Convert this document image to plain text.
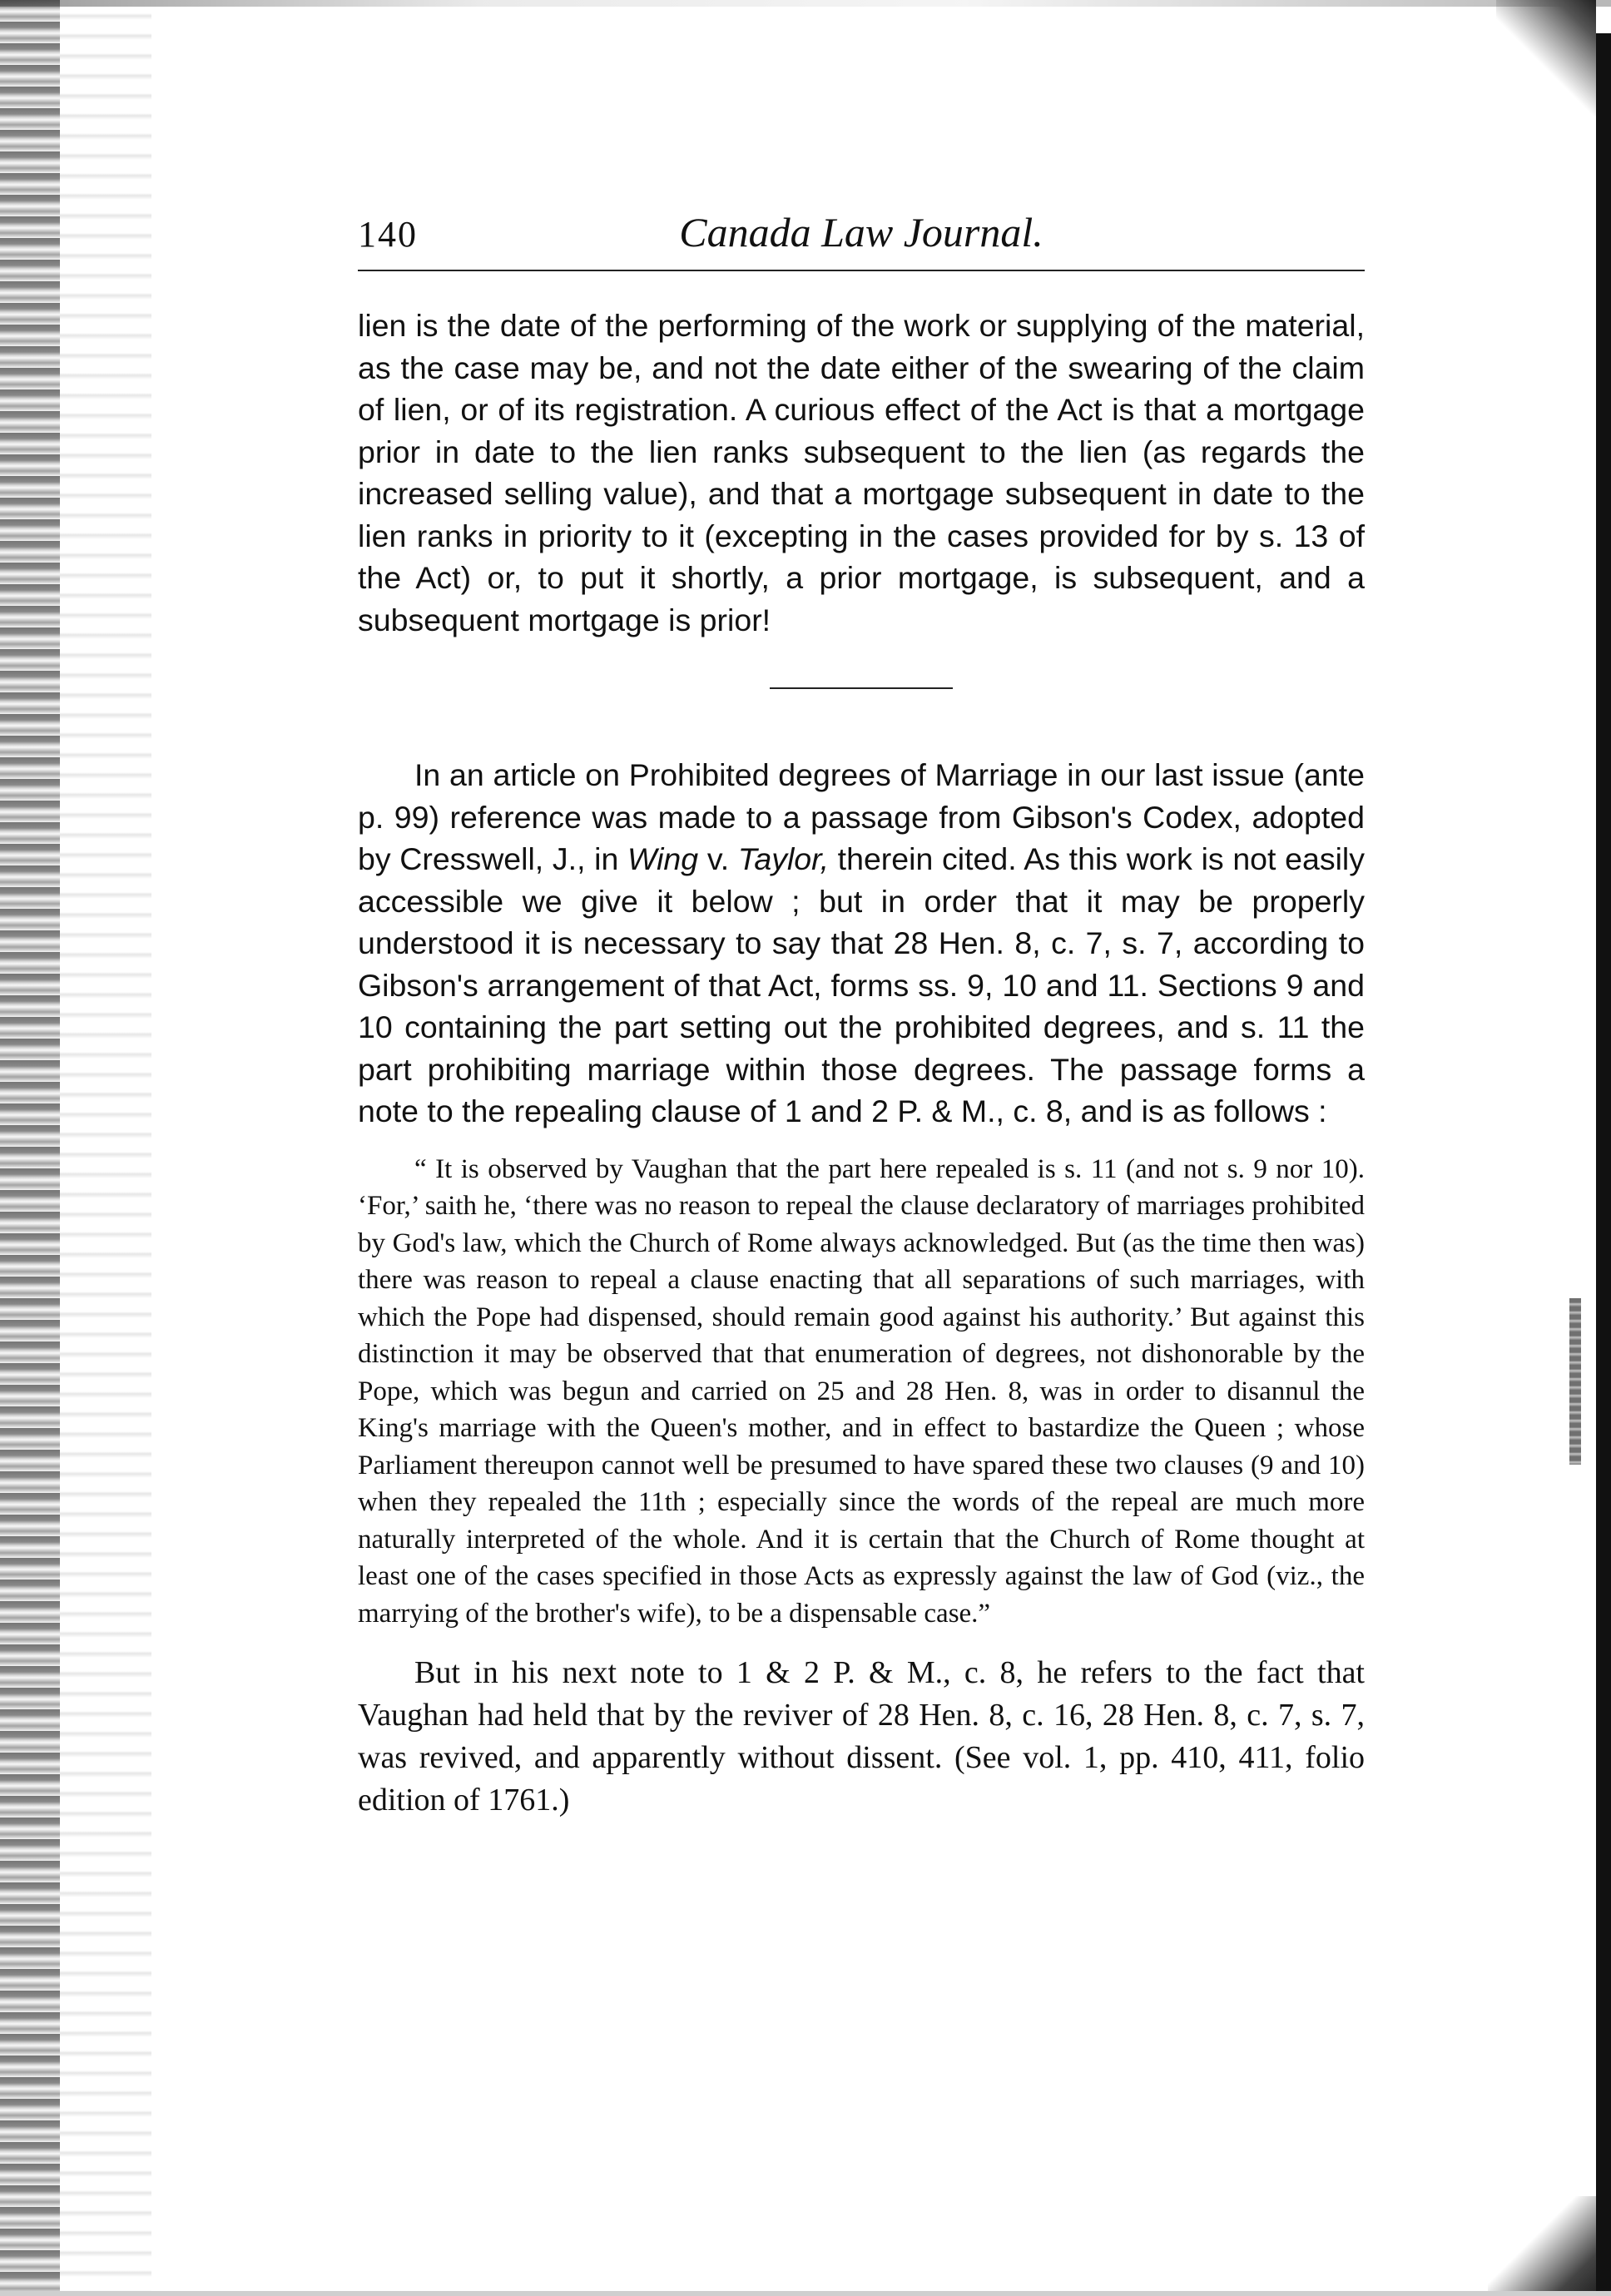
140	Canada Law Journal.

lien is the date of the performing of the work or supplying of the material, as the case may be, and not the date either of the swearing of the claim of lien, or of its registration. A curious effect of the Act is that a mortgage prior in date to the lien ranks subsequent to the lien (as regards the increased selling value), and that a mortgage subsequent in date to the lien ranks in priority to it (excepting in the cases provided for by s. 13 of the Act) or, to put it shortly, a prior mortgage, is subsequent, and a subsequent mortgage is prior!

In an article on Prohibited degrees of Marriage in our last issue (ante p. 99) reference was made to a passage from Gibson's Codex, adopted by Cresswell, J., in Wing v. Taylor, therein cited. As this work is not easily accessible we give it below ; but in order that it may be properly understood it is necessary to say that 28 Hen. 8, c. 7, s. 7, according to Gibson's arrangement of that Act, forms ss. 9, 10 and 11. Sections 9 and 10 containing the part setting out the prohibited degrees, and s. 11 the part prohibiting marriage within those degrees. The passage forms a note to the repealing clause of 1 and 2 P. & M., c. 8, and is as follows :

“ It is observed by Vaughan that the part here repealed is s. 11 (and not s. 9 nor 10). ‘For,’ saith he, ‘there was no reason to repeal the clause declaratory of marriages prohibited by God's law, which the Church of Rome always acknowledged. But (as the time then was) there was reason to repeal a clause enacting that all separations of such marriages, with which the Pope had dispensed, should remain good against his authority.’ But against this distinction it may be observed that that enumeration of degrees, not dishonorable by the Pope, which was begun and carried on 25 and 28 Hen. 8, was in order to disannul the King's marriage with the Queen's mother, and in effect to bastardize the Queen ; whose Parliament thereupon cannot well be presumed to have spared these two clauses (9 and 10) when they repealed the 11th ; especially since the words of the repeal are much more naturally interpreted of the whole. And it is certain that the Church of Rome thought at least one of the cases specified in those Acts as expressly against the law of God (viz., the marrying of the brother's wife), to be a dispensable case.”

But in his next note to 1 & 2 P. & M., c. 8, he refers to the fact that Vaughan had held that by the reviver of 28 Hen. 8, c. 16, 28 Hen. 8, c. 7, s. 7, was revived, and apparently without dissent. (See vol. 1, pp. 410, 411, folio edition of 1761.)
